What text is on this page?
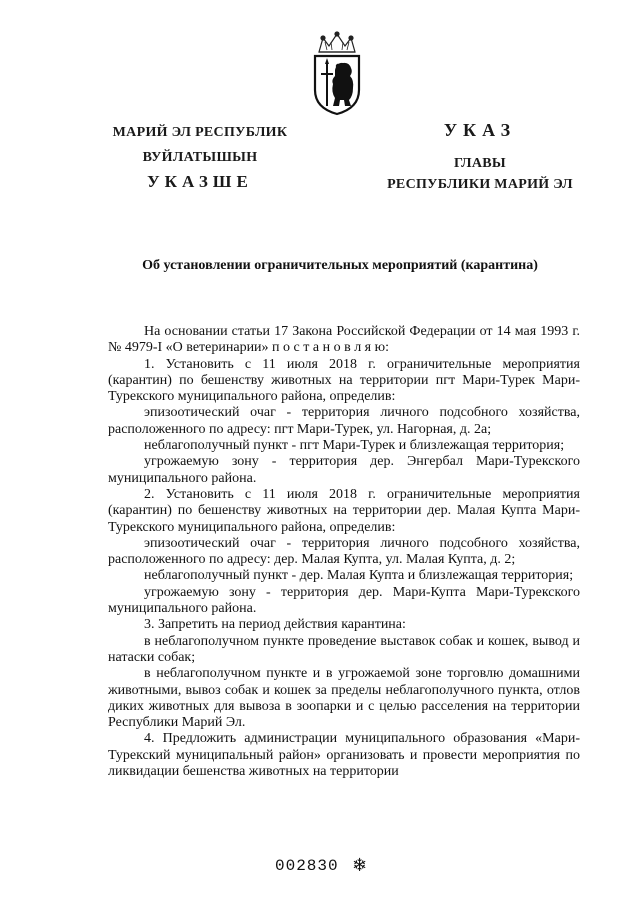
МАРИЙ ЭЛ РЕСПУБЛИК
ВУЙЛАТЫШЫН
УКАЗШЕ
УКАЗ
ГЛАВЫ
РЕСПУБЛИКИ МАРИЙ ЭЛ
Об установлении ограничительных мероприятий (карантина)

На основании статьи 17 Закона Российской Федерации от 14 мая 1993 г. № 4979-I «О ветеринарии» п о с т а н о в л я ю:

1. Установить с 11 июля 2018 г. ограничительные мероприятия (карантин) по бешенству животных на территории пгт Мари-Турек Мари-Турекского муниципального района, определив:

эпизоотический очаг - территория личного подсобного хозяйства, расположенного по адресу: пгт Мари-Турек, ул. Нагорная, д. 2а;

неблагополучный пункт - пгт Мари-Турек и близлежащая территория;

угрожаемую зону - территория дер. Энгербал Мари-Турекского муниципального района.

2. Установить с 11 июля 2018 г. ограничительные мероприятия (карантин) по бешенству животных на территории дер. Малая Купта Мари-Турекского муниципального района, определив:

эпизоотический очаг - территория личного подсобного хозяйства, расположенного по адресу: дер. Малая Купта, ул. Малая Купта, д. 2;

неблагополучный пункт - дер. Малая Купта и близлежащая территория;

угрожаемую зону - территория дер. Мари-Купта Мари-Турекского муниципального района.

3. Запретить на период действия карантина:

в неблагополучном пункте проведение выставок собак и кошек, вывод и натаски собак;

в неблагополучном пункте и в угрожаемой зоне торговлю домашними животными, вывоз собак и кошек за пределы неблагополучного пункта, отлов диких животных для вывоза в зоопарки и с целью расселения на территории Республики Марий Эл.

4. Предложить администрации муниципального образования «Мари-Турекский муниципальный район» организовать и провести мероприятия по ликвидации бешенства животных на территории

002830 ❄
